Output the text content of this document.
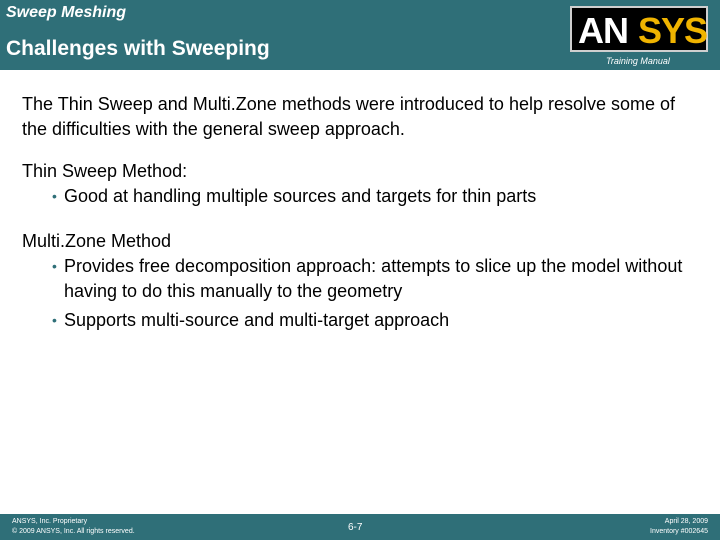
Sweep Meshing
Challenges with Sweeping	AN SYS
Training Manual

The Thin Sweep and Multi.Zone methods were introduced to help resolve some of the difficulties with the general sweep approach.

Thin Sweep Method:

• Good at handling multiple sources and targets for thin parts

Multi.Zone Method

• Provides free decomposition approach: attempts to slice up the model without having to do this manually to the geometry
• Supports multi-source and multi-target approach
ANSYS, Inc. Proprietary
© 2009 ANSYS, Inc. All rights reserved.	6-7
April 28, 2009
Inventory #002645
